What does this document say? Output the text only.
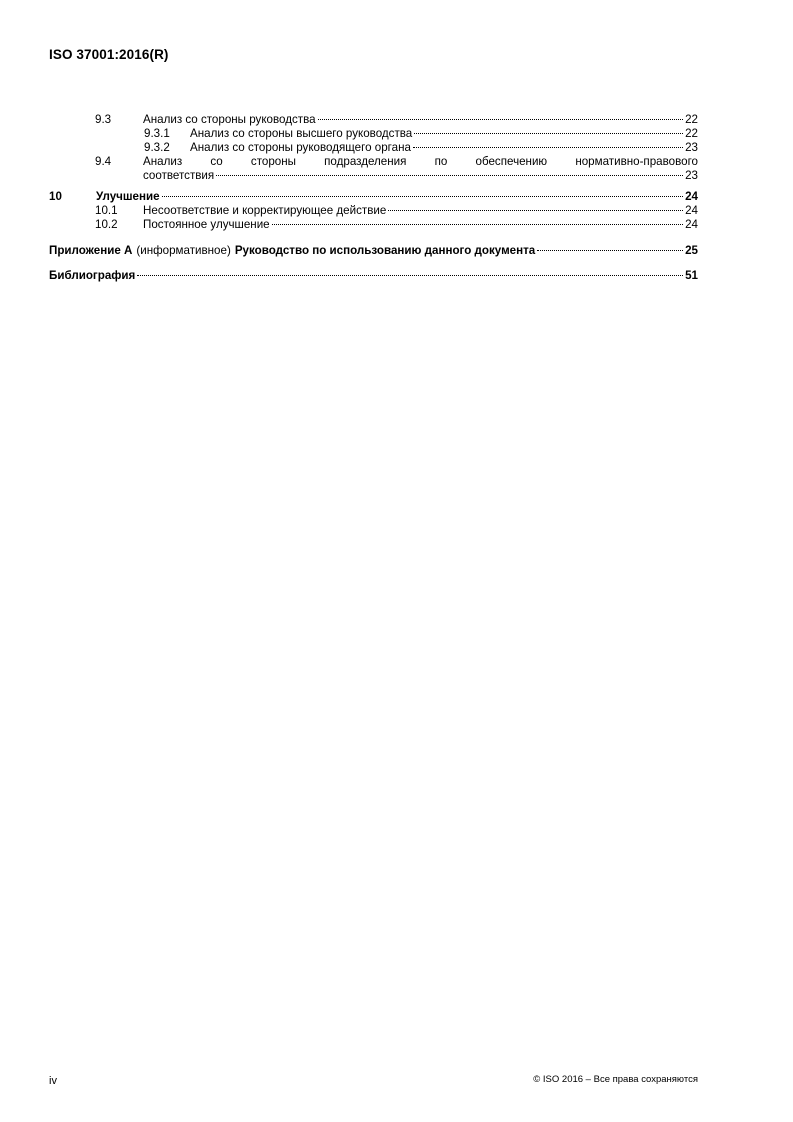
ISO 37001:2016(R)
9.3	Анализ со стороны руководства	22
9.3.1	Анализ со стороны высшего руководства	22
9.3.2	Анализ со стороны руководящего органа	23
9.4	Анализ со стороны подразделения по обеспечению нормативно-правового
соответствия	23
10	Улучшение	24
10.1	Несоответствие и корректирующее действие	24
10.2	Постоянное улучшение	24
Приложение А (информативное) Руководство по использованию данного документа	25
Библиография	51
iv	© ISO 2016 – Все права сохраняются
